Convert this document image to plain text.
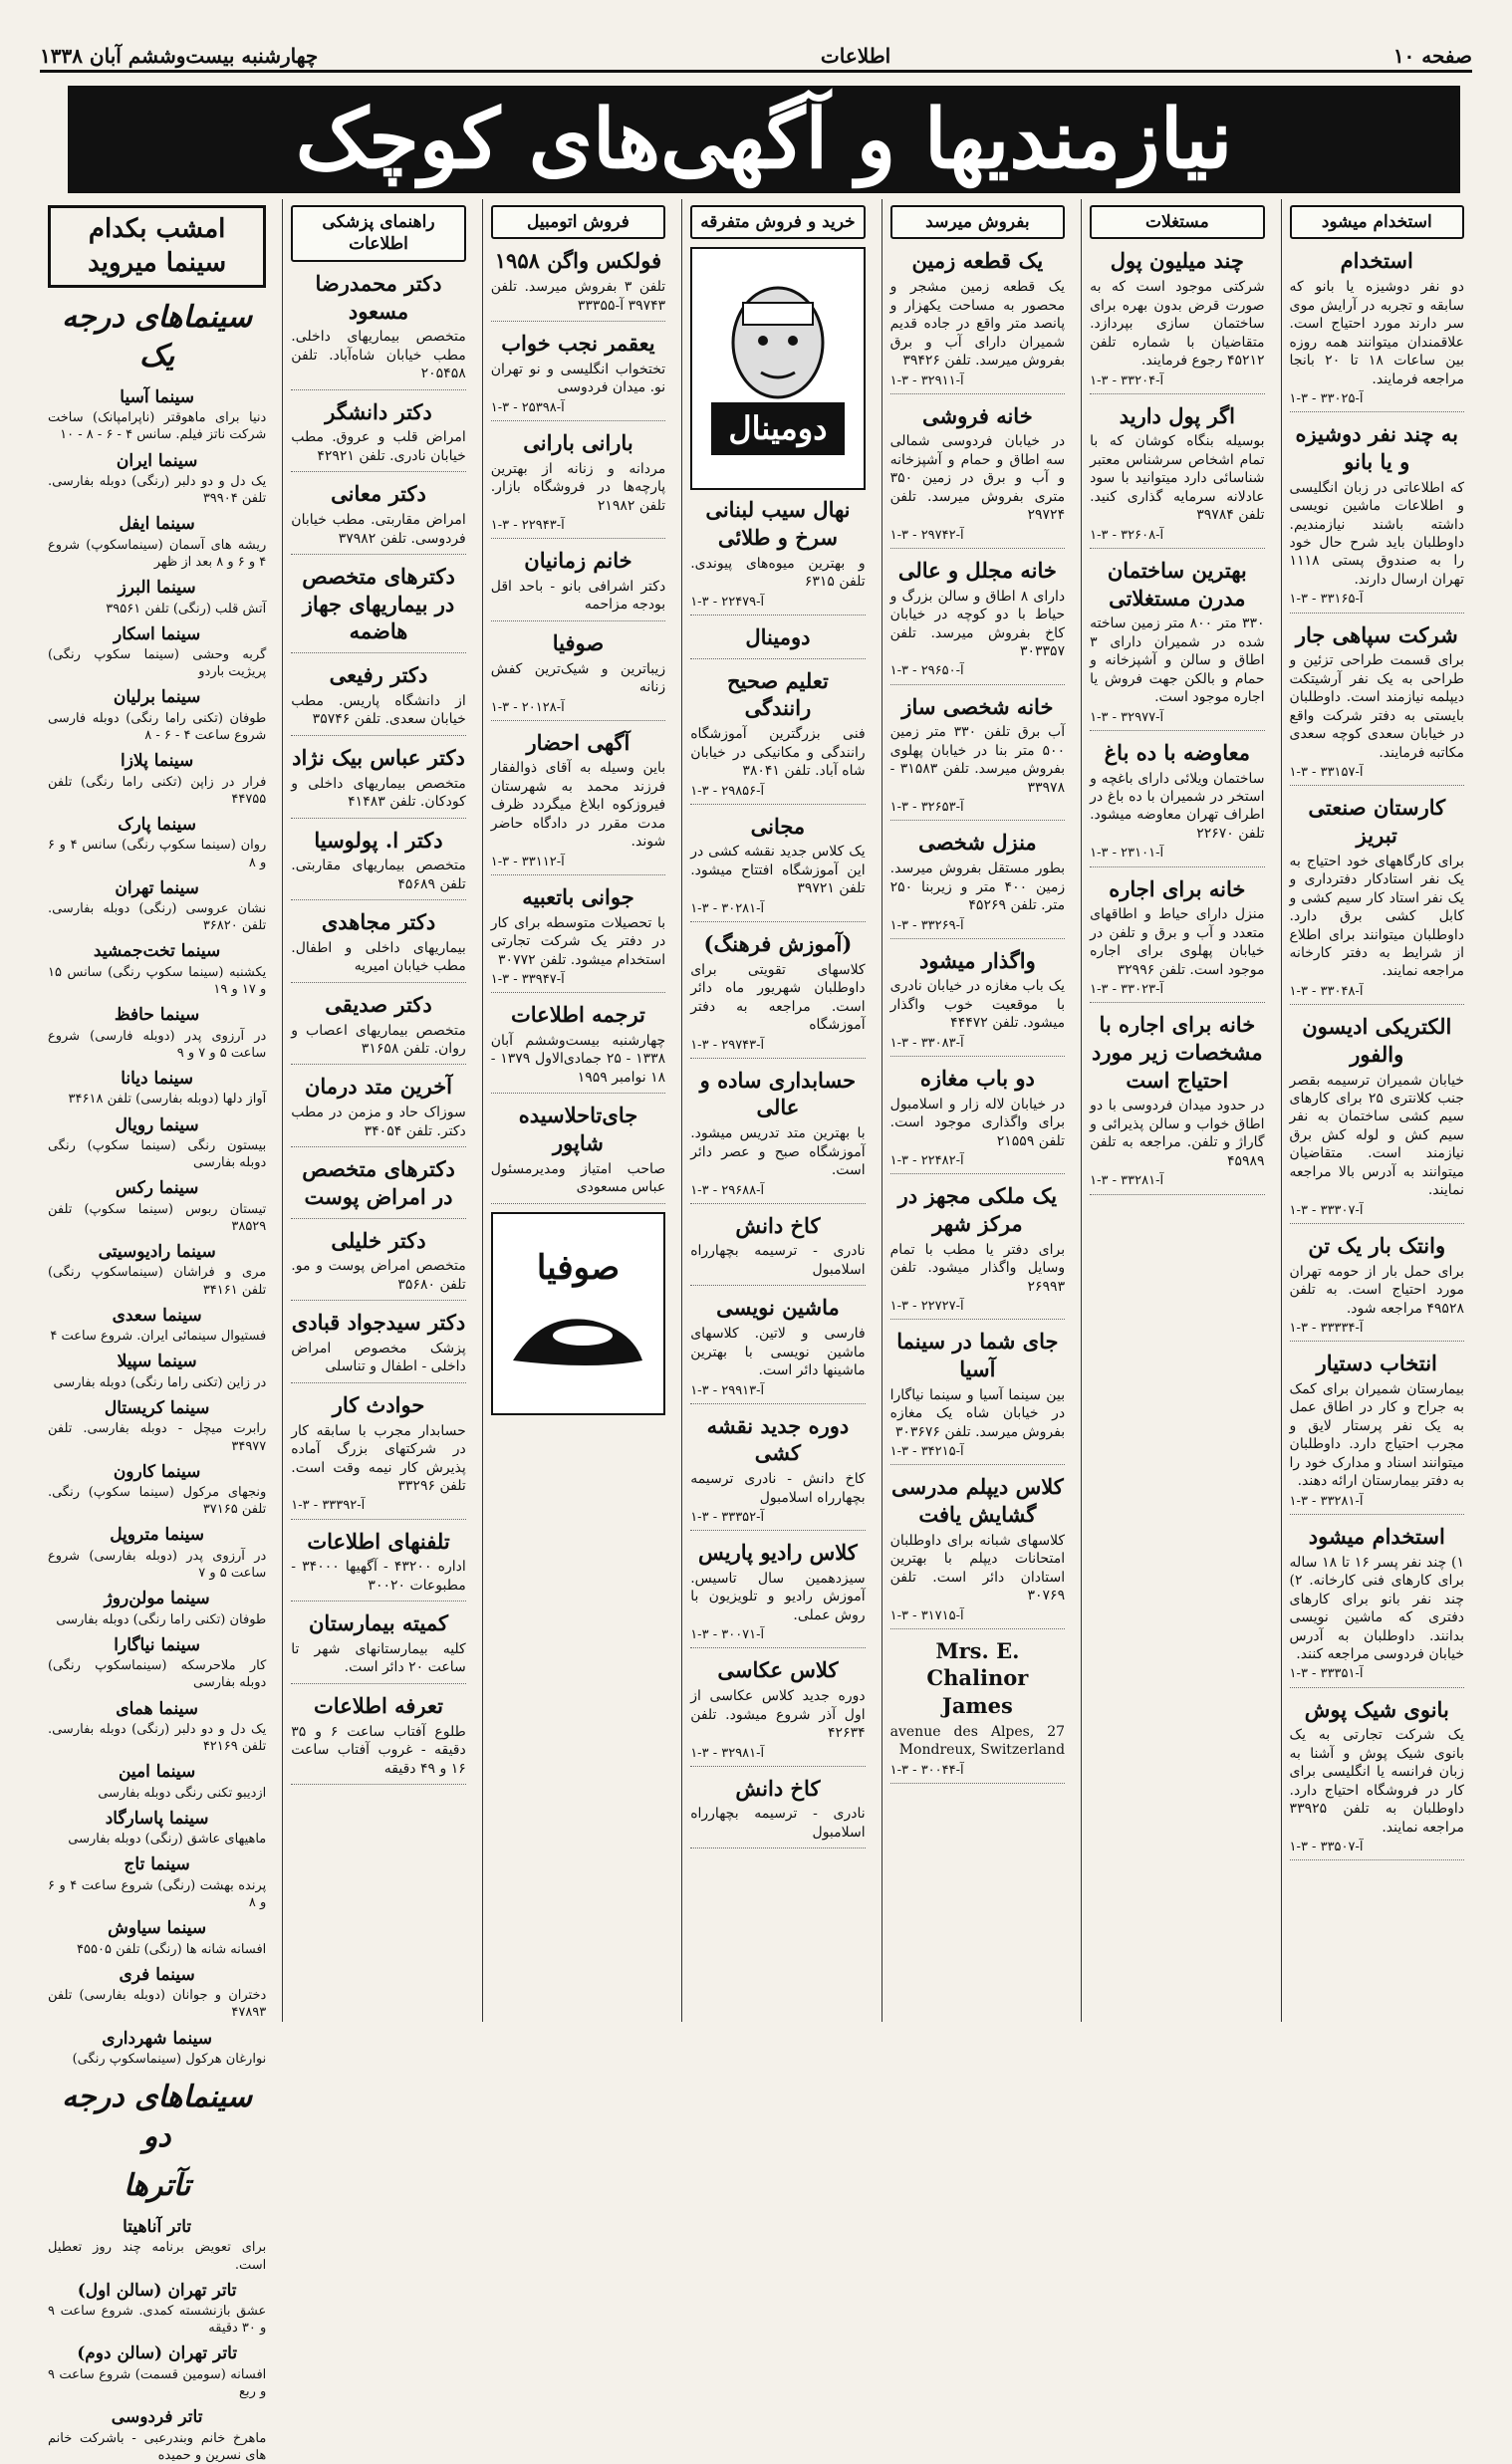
صفحه ۱۰
اطلاعات
چهارشنبه بیست‌وششم آبان ۱۳۳۸
نیازمندیها و آگهی‌های کوچک
استخدام میشود
استخدام
دو نفر دوشیزه یا بانو که سابقه و تجربه در آرایش موی سر دارند مورد احتیاج است. علاقمندان میتوانند همه روزه بین ساعات ۱۸ تا ۲۰ بانجا مراجعه فرمایند.
آ-۳۳۰۲۵ - ۳-۱
به چند نفر دوشیزه و یا بانو
که اطلاعاتی در زبان انگلیسی و اطلاعات ماشین نویسی داشته باشند نیازمندیم. داوطلبان باید شرح حال خود را به صندوق پستی ۱۱۱۸ تهران ارسال دارند.
آ-۳۳۱۶۵ - ۳-۱
شرکت سپاهی جار
برای قسمت طراحی تزئین و طراحی به یک نفر آرشیتکت دیپلمه نیازمند است. داوطلبان بایستی به دفتر شرکت واقع در خیابان سعدی کوچه سعدی مکاتبه فرمایند.
آ-۳۳۱۵۷ - ۳-۱
کارستان صنعتی تبریز
برای کارگاههای خود احتیاج به یک نفر استادکار دفترداری و یک نفر استاد کار سیم کشی و کابل کشی برق دارد. داوطلبان میتوانند برای اطلاع از شرایط به دفتر کارخانه مراجعه نمایند.
آ-۳۳۰۴۸ - ۳-۱
الکتریکی ادیسون والفور
خیابان شمیران ترسیمه بقصر جنب کلانتری ۲۵ برای کارهای سیم کشی ساختمان به نفر سیم کش و لوله کش برق نیازمند است. متقاضیان میتوانند به آدرس بالا مراجعه نمایند.
آ-۳۳۳۰۷ - ۳-۱
وانتک بار یک تن
برای حمل بار از حومه تهران مورد احتیاج است. به تلفن ۴۹۵۲۸ مراجعه شود.
آ-۳۳۳۳۴ - ۳-۱
انتخاب دستیار
بیمارستان شمیران برای کمک به جراح و کار در اطاق عمل به یک نفر پرستار لایق و مجرب احتیاج دارد. داوطلبان میتوانند اسناد و مدارک خود را به دفتر بیمارستان ارائه دهند.
آ-۳۳۲۸۱ - ۳-۱
استخدام میشود
۱) چند نفر پسر ۱۶ تا ۱۸ ساله برای کارهای فنی کارخانه. ۲) چند نفر بانو برای کارهای دفتری که ماشین نویسی بدانند. داوطلبان به آدرس خیابان فردوسی مراجعه کنند.
آ-۳۳۳۵۱ - ۳-۱
بانوی شیک پوش
یک شرکت تجارتی به یک بانوی شیک پوش و آشنا به زبان فرانسه یا انگلیسی برای کار در فروشگاه احتیاج دارد. داوطلبان به تلفن ۳۳۹۲۵ مراجعه نمایند.
آ-۳۳۵۰۷ - ۳-۱
مستغلات
چند میلیون پول
شرکتی موجود است که به صورت قرض بدون بهره برای ساختمان سازی بپردازد. متقاضیان با شماره تلفن ۴۵۲۱۲ رجوع فرمایند.
آ-۳۳۲۰۴ - ۳-۱
اگر پول دارید
بوسیله بنگاه کوشان که با تمام اشخاص سرشناس معتبر شناسائی دارد میتوانید با سود عادلانه سرمایه گذاری کنید. تلفن ۳۹۷۸۴
آ-۳۲۶۰۸ - ۳-۱
بهترین ساختمان مدرن مستغلاتی
۳۳۰ متر ۸۰۰ متر زمین ساخته شده در شمیران دارای ۳ اطاق و سالن و آشپزخانه و حمام و بالکن جهت فروش یا اجاره موجود است.
آ-۳۲۹۷۷ - ۳-۱
معاوضه با ده باغ
ساختمان ویلائی دارای باغچه و استخر در شمیران با ده باغ در اطراف تهران معاوضه میشود. تلفن ۲۲۶۷۰
آ-۲۳۱۰۱ - ۳-۱
خانه برای اجاره
منزل دارای حیاط و اطاقهای متعدد و آب و برق و تلفن در خیابان پهلوی برای اجاره موجود است. تلفن ۳۲۹۹۶
آ-۳۳۰۲۳ - ۳-۱
خانه برای اجاره با مشخصات زیر مورد احتیاج است
در حدود میدان فردوسی با دو اطاق خواب و سالن پذیرائی و گاراژ و تلفن. مراجعه به تلفن ۴۵۹۸۹
آ-۳۳۲۸۱ - ۳-۱
بفروش میرسد
یک قطعه زمین
یک قطعه زمین مشجر و محصور به مساحت یکهزار و پانصد متر واقع در جاده قدیم شمیران دارای آب و برق بفروش میرسد. تلفن ۳۹۴۲۶
آ-۳۲۹۱۱ - ۳-۱
خانه فروشی
در خیابان فردوسی شمالی سه اطاق و حمام و آشپزخانه و آب و برق در زمین ۳۵۰ متری بفروش میرسد. تلفن ۲۹۷۲۴
آ-۲۹۷۴۲ - ۳-۱
خانه مجلل و عالی
دارای ۸ اطاق و سالن بزرگ و حیاط با دو کوچه در خیابان کاخ بفروش میرسد. تلفن ۳۰۳۳۵۷
آ-۲۹۶۵۰ - ۳-۱
خانه شخصی ساز
آب برق تلفن ۳۳۰ متر زمین ۵۰۰ متر بنا در خیابان پهلوی بفروش میرسد. تلفن ۳۱۵۸۳ - ۳۳۹۷۸
آ-۳۲۶۵۳ - ۳-۱
منزل شخصی
بطور مستقل بفروش میرسد. زمین ۴۰۰ متر و زیربنا ۲۵۰ متر. تلفن ۴۵۲۶۹
آ-۳۳۲۶۹ - ۳-۱
واگذار میشود
یک باب مغازه در خیابان نادری با موقعیت خوب واگذار میشود. تلفن ۴۴۴۷۲
آ-۳۳۰۸۳ - ۳-۱
دو باب مغازه
در خیابان لاله زار و اسلامبول برای واگذاری موجود است. تلفن ۲۱۵۵۹
آ-۲۲۴۸۲ - ۳-۱
یک ملکی مجهز در مرکز شهر
برای دفتر یا مطب با تمام وسایل واگذار میشود. تلفن ۲۶۹۹۳
آ-۲۲۷۲۷ - ۳-۱
جای شما در سینما آسیا
بین سینما آسیا و سینما نیاگارا در خیابان شاه یک مغازه بفروش میرسد. تلفن ۳۰۳۶۷۶
آ-۳۴۲۱۵ - ۳-۱
کلاس دیپلم مدرسی گشایش یافت
کلاسهای شبانه برای داوطلبان امتحانات دیپلم با بهترین استادان دائر است. تلفن ۳۰۷۶۹
آ-۳۱۷۱۵ - ۳-۱
Mrs. E. Chalinor James
27 avenue des Alpes, Mondreux, Switzerland
آ-۳۰۰۴۴ - ۳-۱
خرید و فروش متفرقه
دومینال
نهال سیب لبنانی سرخ و طلائی
و بهترین میوه‌های پیوندی. تلفن ۶۳۱۵
آ-۲۲۴۷۹ - ۳-۱
دومینال
تعلیم صحیح رانندگی
فنی بزرگترین آموزشگاه رانندگی و مکانیکی در خیابان شاه آباد. تلفن ۳۸۰۴۱
آ-۲۹۸۵۶ - ۳-۱
مجانی
یک کلاس جدید نقشه کشی در این آموزشگاه افتتاح میشود. تلفن ۳۹۷۲۱
آ-۳۰۲۸۱ - ۳-۱
(آموزش فرهنگ)
کلاسهای تقویتی برای داوطلبان شهریور ماه دائر است. مراجعه به دفتر آموزشگاه
آ-۲۹۷۴۳ - ۳-۱
حسابداری ساده و عالی
با بهترین متد تدریس میشود. آموزشگاه صبح و عصر دائر است.
آ-۲۹۶۸۸ - ۳-۱
کاخ دانش
نادری - ترسیمه بچهارراه اسلامبول
ماشین نویسی
فارسی و لاتین. کلاسهای ماشین نویسی با بهترین ماشینها دائر است.
آ-۲۹۹۱۳ - ۳-۱
دوره جدید نقشه کشی
کاخ دانش - نادری ترسیمه بچهارراه اسلامبول
آ-۳۳۳۵۲ - ۳-۱
کلاس رادیو پاریس
سیزدهمین سال تاسیس. آموزش رادیو و تلویزیون با روش عملی.
آ-۳۰۰۷۱ - ۳-۱
کلاس عکاسی
دوره جدید کلاس عکاسی از اول آذر شروع میشود. تلفن ۴۲۶۳۴
آ-۳۲۹۸۱ - ۳-۱
کاخ دانش
نادری - ترسیمه بچهارراه اسلامبول
فروش اتومبیل
فولکس واگن ۱۹۵۸
تلفن ۳ بفروش میرسد. تلفن ۳۹۷۴۳ آ-۳۳۳۵۵
یعقمر نجب خواب
تختخواب انگلیسی و نو تهران نو. میدان فردوسی
آ-۲۵۳۹۸ - ۳-۱
بارانی بارانی
مردانه و زنانه از بهترین پارچه‌ها در فروشگاه بازار. تلفن ۲۱۹۸۲
آ-۲۲۹۴۳ - ۳-۱
خانم زمانیان
دکتر اشرافی بانو - باحد اقل بودجه مزاحمه
صوفیا
زیباترین و شیک‌ترین کفش زنانه
آ-۲۰۱۲۸ - ۳-۱
آگهی احضار
باین وسیله به آقای ذوالفقار فرزند محمد به شهرستان فیروزکوه ابلاغ میگردد ظرف مدت مقرر در دادگاه حاضر شوند.
آ-۳۳۱۱۲ - ۳-۱
جوانی باتعبیه
با تحصیلات متوسطه برای کار در دفتر یک شرکت تجارتی استخدام میشود. تلفن ۳۰۷۷۲
آ-۳۳۹۴۷ - ۳-۱
ترجمه اطلاعات
چهارشنبه بیست‌وششم آبان ۱۳۳۸ - ۲۵ جمادی‌الاول ۱۳۷۹ - ۱۸ نوامبر ۱۹۵۹
جای‌تاحلاسیده شاپور
صاحب امتیاز ومدیرمسئول عباس مسعودی
صوفیا
راهنمای پزشکی اطلاعات
دکتر محمدرضا مسعود
متخصص بیماریهای داخلی. مطب خیابان شاه‌آباد. تلفن ۲۰۵۴۵۸
دکتر دانشگر
امراض قلب و عروق. مطب خیابان نادری. تلفن ۴۲۹۲۱
دکتر معانی
امراض مقاربتی. مطب خیابان فردوسی. تلفن ۳۷۹۸۲
دکترهای متخصص در بیماریهای جهاز هاضمه
دکتر رفیعی
از دانشگاه پاریس. مطب خیابان سعدی. تلفن ۳۵۷۴۶
دکتر عباس بیک نژاد
متخصص بیماریهای داخلی و کودکان. تلفن ۴۱۴۸۳
دکتر ا. پولوسیا
متخصص بیماریهای مقاربتی. تلفن ۴۵۶۸۹
دکتر مجاهدی
بیماریهای داخلی و اطفال. مطب خیابان امیریه
دکتر صدیقی
متخصص بیماریهای اعصاب و روان. تلفن ۳۱۶۵۸
آخرین متد درمان
سوزاک حاد و مزمن در مطب دکتر. تلفن ۳۴۰۵۴
دکترهای متخصص در امراض پوست
دکتر خلیلی
متخصص امراض پوست و مو. تلفن ۳۵۶۸۰
دکتر سیدجواد قبادی
پزشک مخصوص امراض داخلی - اطفال و تناسلی
حوادث کار
حسابدار مجرب با سابقه کار در شرکتهای بزرگ آماده پذیرش کار نیمه وقت است. تلفن ۳۳۲۹۶
آ-۳۳۳۹۲ - ۳-۱
تلفنهای اطلاعات
اداره ۴۳۲۰۰ - آگهیها ۳۴۰۰۰ - مطبوعات ۳۰۰۲۰
کمیته بیمارستان
کلیه بیمارستانهای شهر تا ساعت ۲۰ دائر است.
تعرفه اطلاعات
طلوع آفتاب ساعت ۶ و ۳۵ دقیقه - غروب آفتاب ساعت ۱۶ و ۴۹ دقیقه
امشب بکدام سینما میروید
سینماهای درجه یک
سینما آسیا
دنیا برای ماهوقتر (ناپرامپانک) ساخت شرکت ناتز فیلم. سانس ۴ - ۶ - ۸ - ۱۰
سینما ایران
یک دل و دو دلبر (رنگی) دوبله بفارسی. تلفن ۳۹۹۰۴
سینما ایفل
ریشه های آسمان (سینماسکوپ) شروع ۴ و ۶ و ۸ بعد از ظهر
سینما البرز
آتش قلب (رنگی) تلفن ۳۹۵۶۱
سینما اسکار
گربه وحشی (سینما سکوپ رنگی) پریژیت باردو
سینما برلیان
طوفان (تکنی راما رنگی) دوبله فارسی شروع ساعت ۴ - ۶ - ۸
سینما پلازا
فرار در زاپن (تکنی راما رنگی) تلفن ۴۴۷۵۵
سینما پارک
روان (سینما سکوپ رنگی) سانس ۴ و ۶ و ۸
سینما تهران
نشان عروسی (رنگی) دوبله بفارسی. تلفن ۳۶۸۲۰
سینما تخت‌جمشید
یکشنبه (سینما سکوپ رنگی) سانس ۱۵ و ۱۷ و ۱۹
سینما حافظ
در آرزوی پدر (دوبله فارسی) شروع ساعت ۵ و ۷ و ۹
سینما دیانا
آواز دلها (دوبله بفارسی) تلفن ۳۴۶۱۸
سینما رویال
بیستون رنگی (سینما سکوپ) رنگی دوبله بفارسی
سینما رکس
تیستان ربوس (سینما سکوپ) تلفن ۳۸۵۲۹
سینما رادیوسیتی
مری و فراشان (سینماسکوپ رنگی) تلفن ۳۴۱۶۱
سینما سعدی
فستیوال سینمائی ایران. شروع ساعت ۴
سینما سپیلا
در زاین (تکنی راما رنگی) دوبله بفارسی
سینما کریستال
رابرت میچل - دوبله بفارسی. تلفن ۳۴۹۷۷
سینما کارون
ونجهای مرکول (سینما سکوپ) رنگی. تلفن ۳۷۱۶۵
سینما متروپل
در آرزوی پدر (دوبله بفارسی) شروع ساعت ۵ و ۷
سینما مولن‌روژ
طوفان (تکنی راما رنگی) دوبله بفارسی
سینما نیاگارا
کار ملاحرسکه (سینماسکوپ رنگی) دوبله بفارسی
سینما همای
یک دل و دو دلبر (رنگی) دوبله بفارسی. تلفن ۴۲۱۶۹
سینما امین
ازدیبو تکنی رنگی دوبله بفارسی
سینما پاسارگاد
ماهیهای عاشق (رنگی) دوبله بفارسی
سینما تاج
پرنده بهشت (رنگی) شروع ساعت ۴ و ۶ و ۸
سینما سیاوش
افسانه شانه ها (رنگی) تلفن ۴۵۵۰۵
سینما فری
دختران و جوانان (دوبله بفارسی) تلفن ۴۷۸۹۳
سینما شهرداری
نوارغان هرکول (سینماسکوپ رنگی)
سینماهای درجه دو
تآترها
تاتر آناهیتا
برای تعویض برنامه چند روز تعطیل است.
تاتر تهران (سالن اول)
عشق بازنشسته کمدی. شروع ساعت ۹ و ۳۰ دقیقه
تاتر تهران (سالن دوم)
افسانه (سومین قسمت) شروع ساعت ۹ و ربع
تاتر فردوسی
ماهرخ خانم وبندرعبی - باشرکت خانم های نسرین و حمیده
